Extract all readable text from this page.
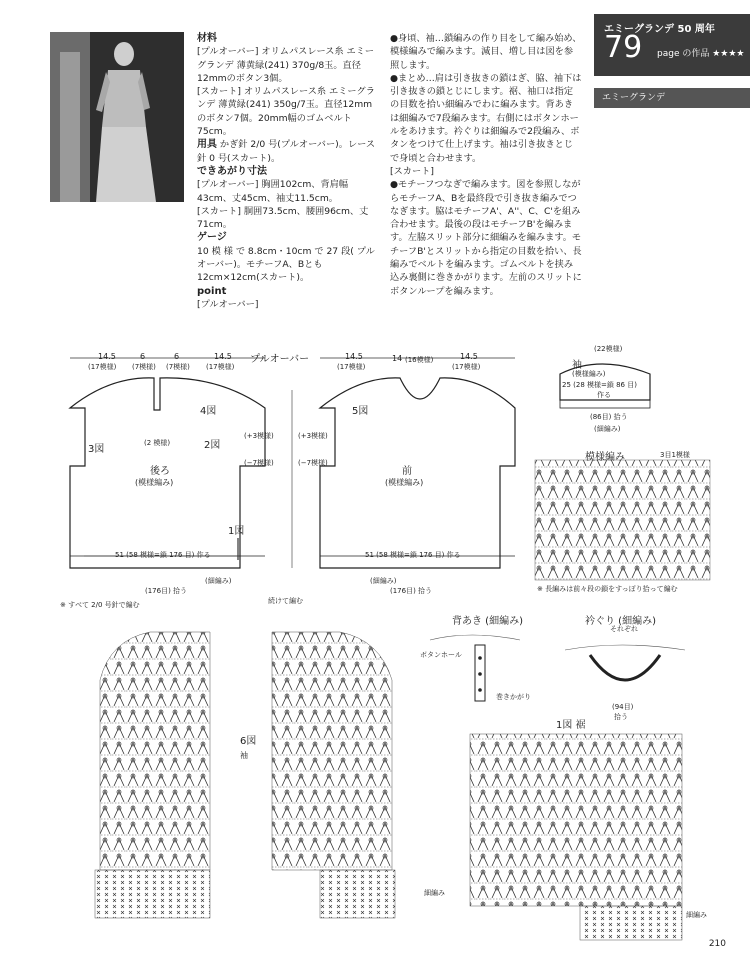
材料

[プルオーバー] オリムパスレース糸 エミーグランデ 薄黄緑(241) 370g/8玉。直径12mmのボタン3個。

[スカート] オリムパスレース糸 エミーグランデ 薄黄緑(241) 350g/7玉。直径12mmのボタン7個。20mm幅のゴムベルト75cm。

用具 かぎ針 2/0 号(プルオーバー)。レース針 0 号(スカート)。

できあがり寸法

[プルオーバー] 胸囲102cm、背肩幅43cm、丈45cm、袖丈11.5cm。

[スカート] 胴囲73.5cm、腰囲96cm、丈71cm。

ゲージ

10 模 様 で 8.8cm・10cm で 27 段( プルオーバー)。モチーフA、Bとも12cm×12cm(スカート)。

point

[プルオーバー]

●身頃、袖…鎖編みの作り目をして編み始め、模様編みで編みます。減目、増し目は図を参照します。

●まとめ…肩は引き抜きの鎖はぎ、脇、袖下は引き抜きの鎖とじにします。裾、袖口は指定の目数を拾い細編みでわに編みます。背あきは細編みで7段編みます。右側にはボタンホールをあけます。衿ぐりは細編みで2段編み、ボタンをつけて仕上げます。袖は引き抜きとじで身頃と合わせます。

[スカート]

●モチーフつなぎで編みます。図を参照しながらモチーフA、Bを最終段で引き抜き編みでつなぎます。脇はモチーフA'、A''、C、C'を組み合わせます。最後の段はモチーフB'を編みます。左脇スリット部分に細編みを編みます。モチーフB'とスリットから指定の目数を拾い、長編みでベルトを編みます。ゴムベルトを挟み込み裏側に巻きかがります。左前のスリットにボタンループを編みます。

エミーグランデ 50 周年
79 page の作品 ★★★★
エミーグランデ
プルオーバー
14.5
(17模様)
6
(7模様)
6
(7模様)
14.5
(17模様)
14.5
(17模様)
14 (16模様)	14.5
(17模様)
4図
3図	2図
1図
5図
6図
後ろ
(模様編み)
前
(模様編み)
(2 模様)
(+3模様)
(−7模様)
(+3模様)
(−7模様)
51 (58 模様=鎖 176 目) 作る	51 (58 模様=鎖 176 目) 作る
(細編み)	(細編み)
(176目) 拾う	(176目) 拾う
続けて編む
※ すべて 2/0 号針で編む
袖
(模様編み)
(22模様)
25 (28 模様=鎖 86 目)
作る
(86目) 拾う
(細編み)
模様編み	3目1模様
※ 長編みは前々段の鎖をすっぽり拾って編む
背あき (細編み)
ボタンホール
巻きかがり
衿ぐり (細編み)
それぞれ
(94目)
拾う
1図 裾
袖
細編み
細編み
210
